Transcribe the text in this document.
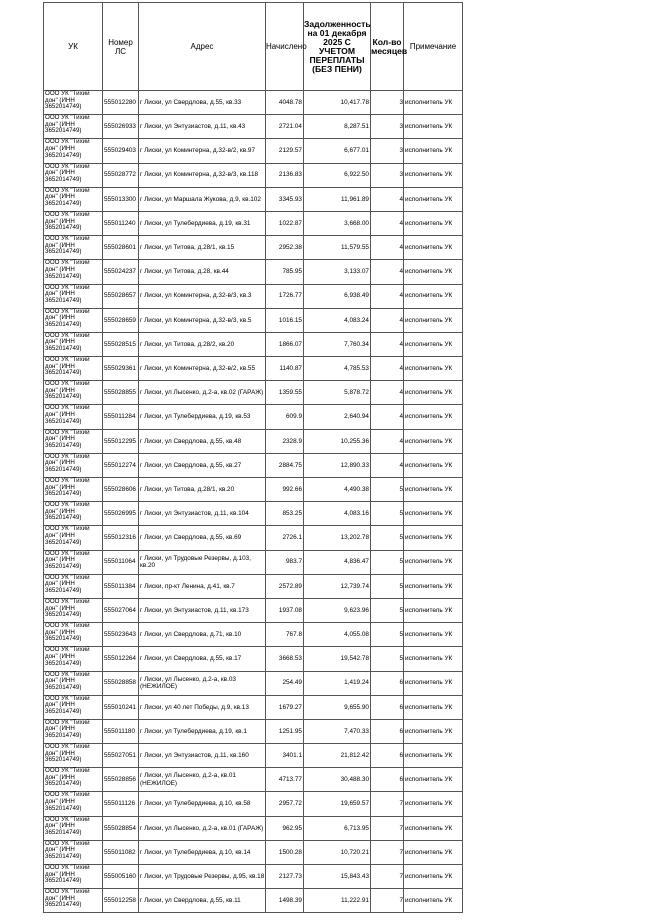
УК	Номер ЛС	Адрес	Начислено	Задолженность на 01 декабря 2025 С УЧЕТОМ ПЕРЕПЛАТЫ (БЕЗ ПЕНИ)	Кол-во месяцев	Примечание
ООО УК "Тихий дон" (ИНН 3652014749)	555012280	г Лиски, ул Свердлова, д.55, кв.33	4048.78	10,417.78	3	исполнитель УК
ООО УК "Тихий дон" (ИНН 3652014749)	555026933	г Лиски, ул Энтузиастов, д.11, кв.43	2721.04	8,287.51	3	исполнитель УК
ООО УК "Тихий дон" (ИНН 3652014749)	555029403	г Лиски, ул Коминтерна, д.32-в/2, кв.97	2129.57	6,677.01	3	исполнитель УК
ООО УК "Тихий дон" (ИНН 3652014749)	555028772	г Лиски, ул Коминтерна, д.32-в/3, кв.118	2136.83	6,922.50	3	исполнитель УК
ООО УК "Тихий дон" (ИНН 3652014749)	555013300	г Лиски, ул Маршала Жукова, д.9, кв.102	3345.93	11,961.89	4	исполнитель УК
ООО УК "Тихий дон" (ИНН 3652014749)	555011240	г Лиски, ул Тулебердиева, д.19, кв.31	1022.87	3,668.00	4	исполнитель УК
ООО УК "Тихий дон" (ИНН 3652014749)	555028601	г Лиски, ул Титова, д.28/1, кв.15	2952.38	11,579.55	4	исполнитель УК
ООО УК "Тихий дон" (ИНН 3652014749)	555024237	г Лиски, ул Титова, д.28, кв.44	785.95	3,133.07	4	исполнитель УК
ООО УК "Тихий дон" (ИНН 3652014749)	555028657	г Лиски, ул Коминтерна, д.32-в/3, кв.3	1726.77	6,938.49	4	исполнитель УК
ООО УК "Тихий дон" (ИНН 3652014749)	555028659	г Лиски, ул Коминтерна, д.32-в/3, кв.5	1016.15	4,083.24	4	исполнитель УК
ООО УК "Тихий дон" (ИНН 3652014749)	555028515	г Лиски, ул Титова, д.28/2, кв.20	1866.07	7,760.34	4	исполнитель УК
ООО УК "Тихий дон" (ИНН 3652014749)	555029361	г Лиски, ул Коминтерна, д.32-в/2, кв.55	1140.87	4,785.53	4	исполнитель УК
ООО УК "Тихий дон" (ИНН 3652014749)	555028855	г Лиски, ул Лысенко, д.2-а, кв.02 (ГАРАЖ)	1359.55	5,878.72	4	исполнитель УК
ООО УК "Тихий дон" (ИНН 3652014749)	555011284	г Лиски, ул Тулебердиева, д.19, кв.53	609.9	2,640.94	4	исполнитель УК
ООО УК "Тихий дон" (ИНН 3652014749)	555012295	г Лиски, ул Свердлова, д.55, кв.48	2328.9	10,255.36	4	исполнитель УК
ООО УК "Тихий дон" (ИНН 3652014749)	555012274	г Лиски, ул Свердлова, д.55, кв.27	2884.75	12,890.33	4	исполнитель УК
ООО УК "Тихий дон" (ИНН 3652014749)	555028606	г Лиски, ул Титова, д.28/1, кв.20	992.66	4,490.38	5	исполнитель УК
ООО УК "Тихий дон" (ИНН 3652014749)	555026995	г Лиски, ул Энтузиастов, д.11, кв.104	853.25	4,083.16	5	исполнитель УК
ООО УК "Тихий дон" (ИНН 3652014749)	555012316	г Лиски, ул Свердлова, д.55, кв.69	2726.1	13,202.78	5	исполнитель УК
ООО УК "Тихий дон" (ИНН 3652014749)	555011064	г Лиски, ул Трудовые Резервы, д.103, кв.20	983.7	4,836.47	5	исполнитель УК
ООО УК "Тихий дон" (ИНН 3652014749)	555011384	г Лиски, пр-кт Ленина, д.41, кв.7	2572.89	12,739.74	5	исполнитель УК
ООО УК "Тихий дон" (ИНН 3652014749)	555027064	г Лиски, ул Энтузиастов, д.11, кв.173	1937.08	9,623.96	5	исполнитель УК
ООО УК "Тихий дон" (ИНН 3652014749)	555023643	г Лиски, ул Свердлова, д.71, кв.10	767.8	4,055.08	5	исполнитель УК
ООО УК "Тихий дон" (ИНН 3652014749)	555012264	г Лиски, ул Свердлова, д.55, кв.17	3668.53	19,542.78	5	исполнитель УК
ООО УК "Тихий дон" (ИНН 3652014749)	555028858	г Лиски, ул Лысенко, д.2-а, кв.03 (НЕЖИЛОЕ)	254.49	1,419.24	6	исполнитель УК
ООО УК "Тихий дон" (ИНН 3652014749)	555010241	г Лиски, ул 40 лет Победы, д.9, кв.13	1679.27	9,655.90	6	исполнитель УК
ООО УК "Тихий дон" (ИНН 3652014749)	555011180	г Лиски, ул Тулебердиева, д.19, кв.1	1251.95	7,470.33	6	исполнитель УК
ООО УК "Тихий дон" (ИНН 3652014749)	555027051	г Лиски, ул Энтузиастов, д.11, кв.160	3401.1	21,812.42	6	исполнитель УК
ООО УК "Тихий дон" (ИНН 3652014749)	555028856	г Лиски, ул Лысенко, д.2-а, кв.01 (НЕЖИЛОЕ)	4713.77	30,488.30	6	исполнитель УК
ООО УК "Тихий дон" (ИНН 3652014749)	555011126	г Лиски, ул Тулебердиева, д.10, кв.58	2957.72	19,659.57	7	исполнитель УК
ООО УК "Тихий дон" (ИНН 3652014749)	555028854	г Лиски, ул Лысенко, д.2-а, кв.01 (ГАРАЖ)	962.95	6,713.95	7	исполнитель УК
ООО УК "Тихий дон" (ИНН 3652014749)	555011082	г Лиски, ул Тулебердиева, д.10, кв.14	1500.28	10,720.21	7	исполнитель УК
ООО УК "Тихий дон" (ИНН 3652014749)	555005160	г Лиски, ул Трудовые Резервы, д.95, кв.18	2127.73	15,843.43	7	исполнитель УК
ООО УК "Тихий дон" (ИНН 3652014749)	555012258	г Лиски, ул Свердлова, д.55, кв.11	1498.39	11,222.91	7	исполнитель УК
